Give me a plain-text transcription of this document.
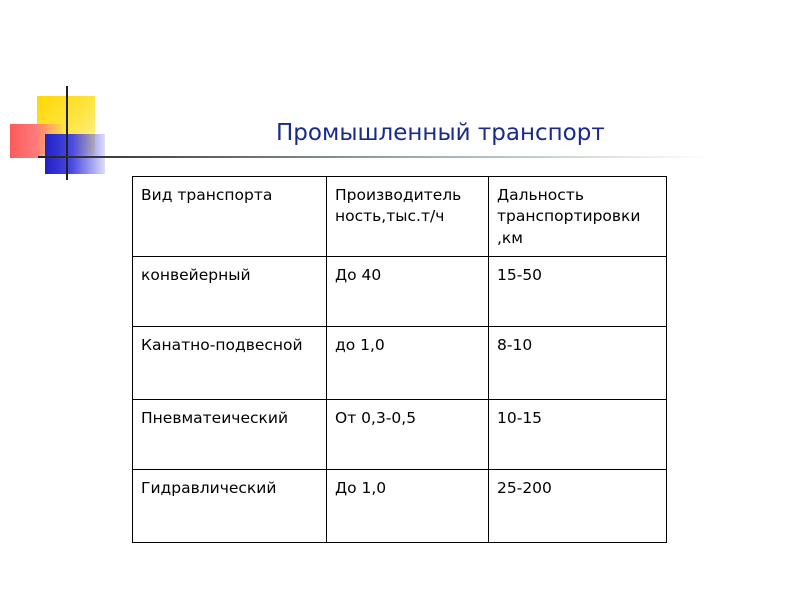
Промышленный транспорт
Вид транспорта	Производитель ность,тыс.т/ч	Дальность транспортировки ,км
конвейерный	До 40	15-50
Канатно-подвесной	до 1,0	8-10
Пневматеический	От 0,3-0,5	10-15
Гидравлический	До 1,0	25-200
